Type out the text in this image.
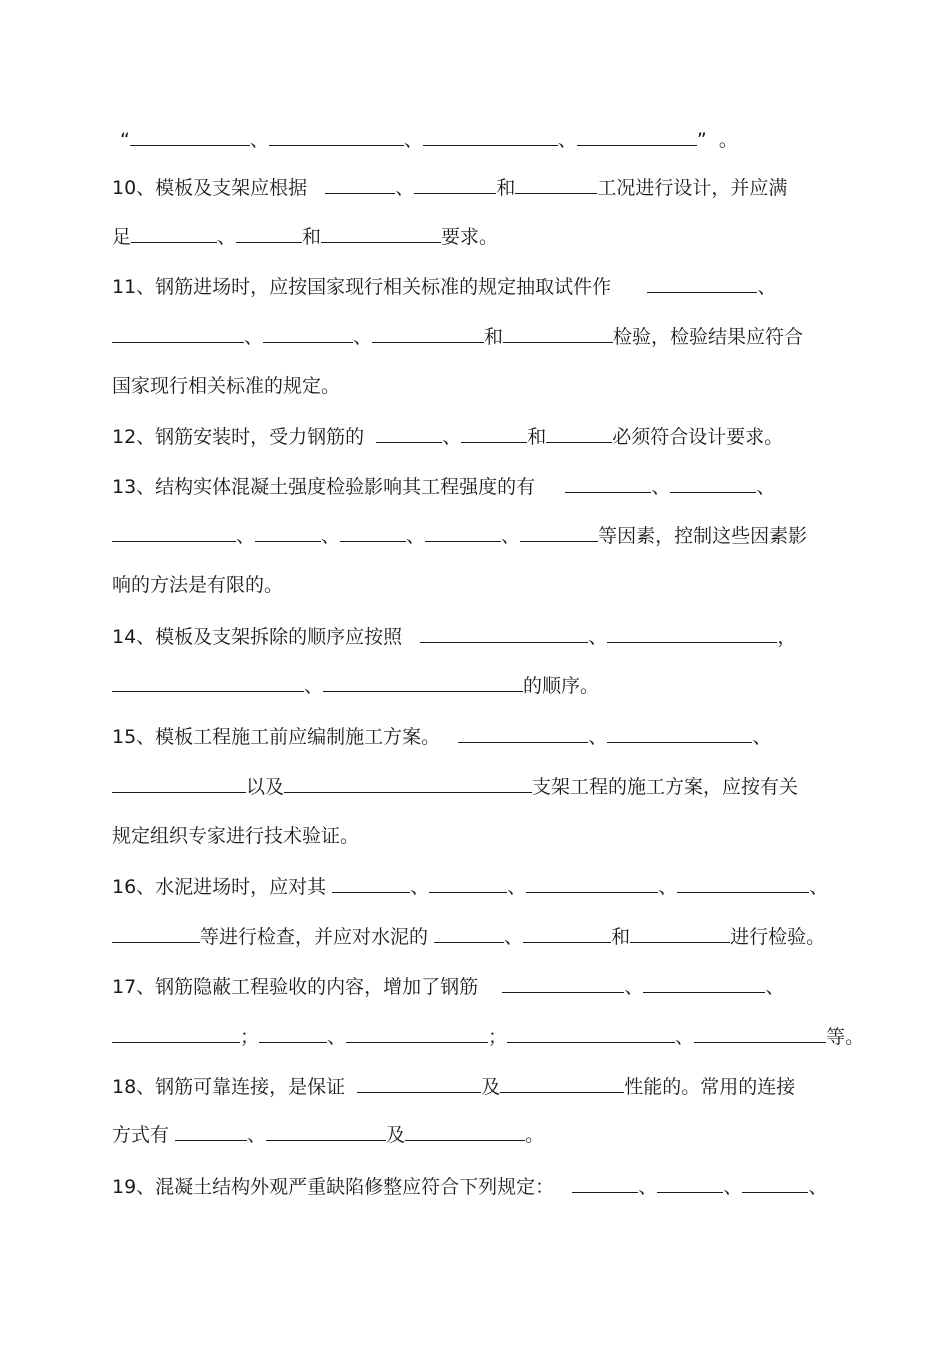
“	、	、	、	”  。
10、模板及支架应根据	、	和	工况进行设计，并应满
足	、	和	要求。
11、钢筋进场时，应按国家现行相关标准的规定抽取试件作	、
、	、	和	检验，检验结果应符合
国家现行相关标准的规定。
12、钢筋安装时，受力钢筋的	、	和	必须符合设计要求。
13、结构实体混凝土强度检验影响其工程强度的有	、	、
、	、	、	、	等因素，控制这些因素影
响的方法是有限的。
14、模板及支架拆除的顺序应按照	、	，
、	的顺序。
15、模板工程施工前应编制施工方案。	、	、
以及	支架工程的施工方案，应按有关
规定组织专家进行技术验证。
16、水泥进场时，应对其	、	、	、	、
等进行检查，并应对水泥的	、	和	进行检验。
17、钢筋隐蔽工程验收的内容，增加了钢筋	、	、
；	、	；	、	等。
18、钢筋可靠连接，是保证	及	性能的。常用的连接
方式有	、	及	。
19、混凝土结构外观严重缺陷修整应符合下列规定：	、	、	、
